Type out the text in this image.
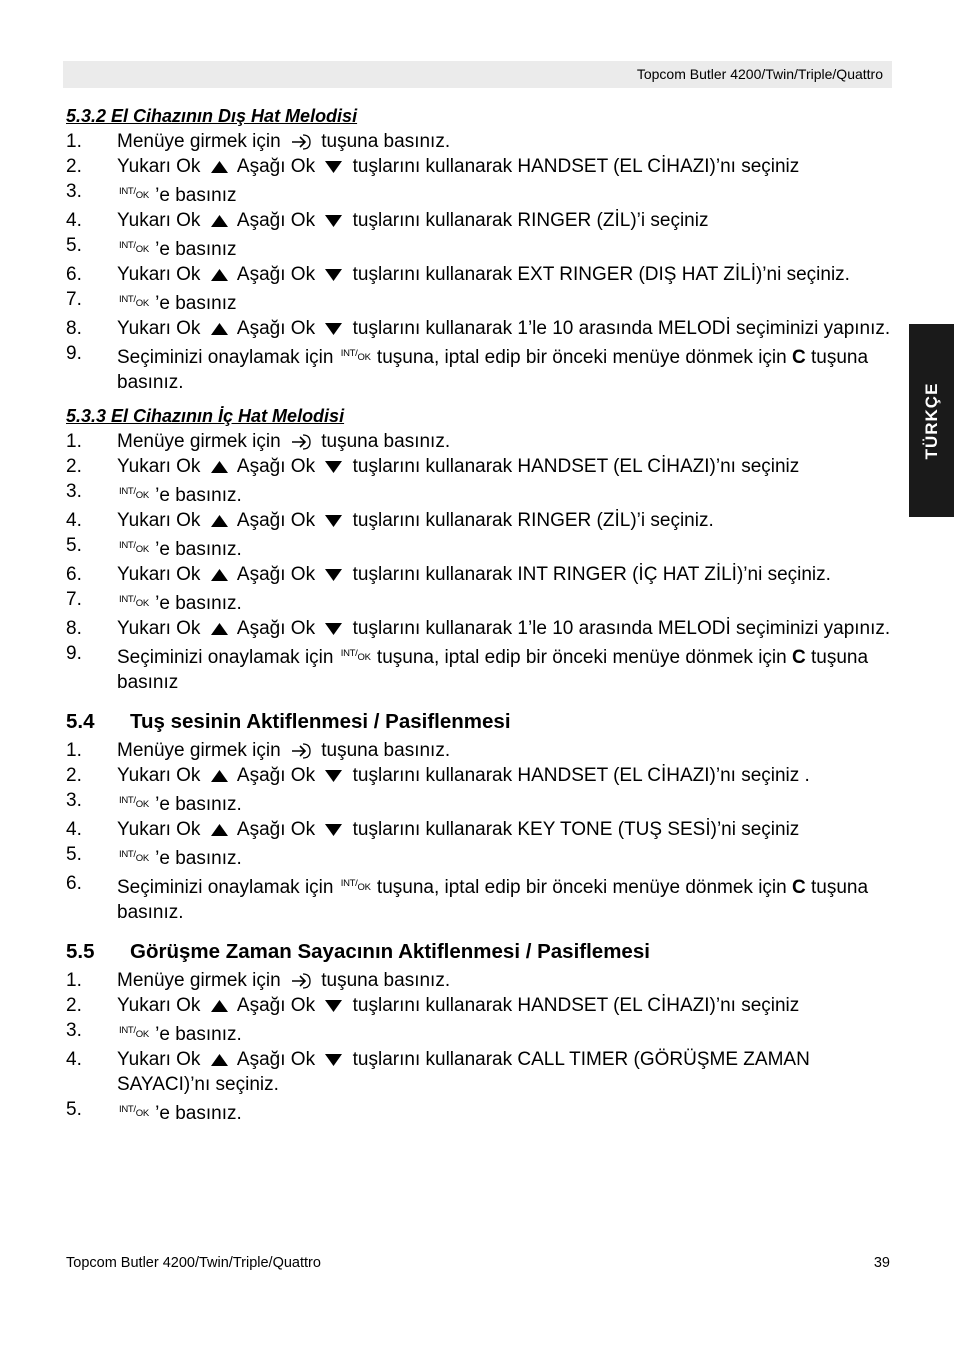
Topcom Butler 4200/Twin/Triple/Quattro
TÜRKÇE

5.3.2 El Cihazının Dış Hat Melodisi

1.	Menüye girmek için  tuşuna basınız.
2.	Yukarı Ok  Aşağı Ok  tuşlarını kullanarak HANDSET (EL CİHAZI)’nı seçiniz
3.	$^{INT/OK}$ ’e basınız
4.	Yukarı Ok  Aşağı Ok  tuşlarını kullanarak RINGER (ZİL)’i seçiniz
5.	$^{INT/OK}$ ’e basınız
6.	Yukarı Ok  Aşağı Ok  tuşlarını kullanarak EXT RINGER (DIŞ HAT ZİLİ)’ni seçiniz.
7.	$^{INT/OK}$ ’e basınız
8.	Yukarı Ok  Aşağı Ok  tuşlarını kullanarak 1’le 10 arasında MELODİ seçiminizi yapınız.
9.	Seçiminizi onaylamak için $^{INT/OK}$ tuşuna, iptal edip bir önceki menüye dönmek için C tuşuna basınız.

5.3.3 El Cihazının İç Hat Melodisi

1.	Menüye girmek için  tuşuna basınız.
2.	Yukarı Ok  Aşağı Ok  tuşlarını kullanarak HANDSET (EL CİHAZI)’nı seçiniz
3.	$^{INT/OK}$ ’e basınız.
4.	Yukarı Ok  Aşağı Ok  tuşlarını kullanarak RINGER (ZİL)’i seçiniz.
5.	$^{INT/OK}$ ’e basınız.
6.	Yukarı Ok  Aşağı Ok  tuşlarını kullanarak INT RINGER (İÇ HAT ZİLİ)’ni seçiniz.
7.	$^{INT/OK}$ ’e basınız.
8.	Yukarı Ok  Aşağı Ok  tuşlarını kullanarak 1’le 10 arasında MELODİ seçiminizi yapınız.
9.	Seçiminizi onaylamak için $^{INT/OK}$ tuşuna, iptal edip bir önceki menüye dönmek için C tuşuna basınız
5.4	Tuş sesinin Aktiflenmesi / Pasiflenmesi
1.	Menüye girmek için  tuşuna basınız.
2.	Yukarı Ok  Aşağı Ok  tuşlarını kullanarak HANDSET (EL CİHAZI)’nı seçiniz .
3.	$^{INT/OK}$ ’e basınız.
4.	Yukarı Ok  Aşağı Ok  tuşlarını kullanarak KEY TONE (TUŞ SESİ)’ni seçiniz
5.	$^{INT/OK}$ ’e basınız.
6.	Seçiminizi onaylamak için $^{INT/OK}$ tuşuna, iptal edip bir önceki menüye dönmek için C tuşuna basınız.
5.5	Görüşme Zaman Sayacının Aktiflenmesi / Pasiflemesi
1.	Menüye girmek için  tuşuna basınız.
2.	Yukarı Ok  Aşağı Ok  tuşlarını kullanarak HANDSET (EL CİHAZI)’nı seçiniz
3.	$^{INT/OK}$ ’e basınız.
4.	Yukarı Ok  Aşağı Ok  tuşlarını kullanarak CALL TIMER (GÖRÜŞME ZAMAN SAYACI)’nı seçiniz.
5.	$^{INT/OK}$ ’e basınız.
Topcom Butler 4200/Twin/Triple/Quattro	39
